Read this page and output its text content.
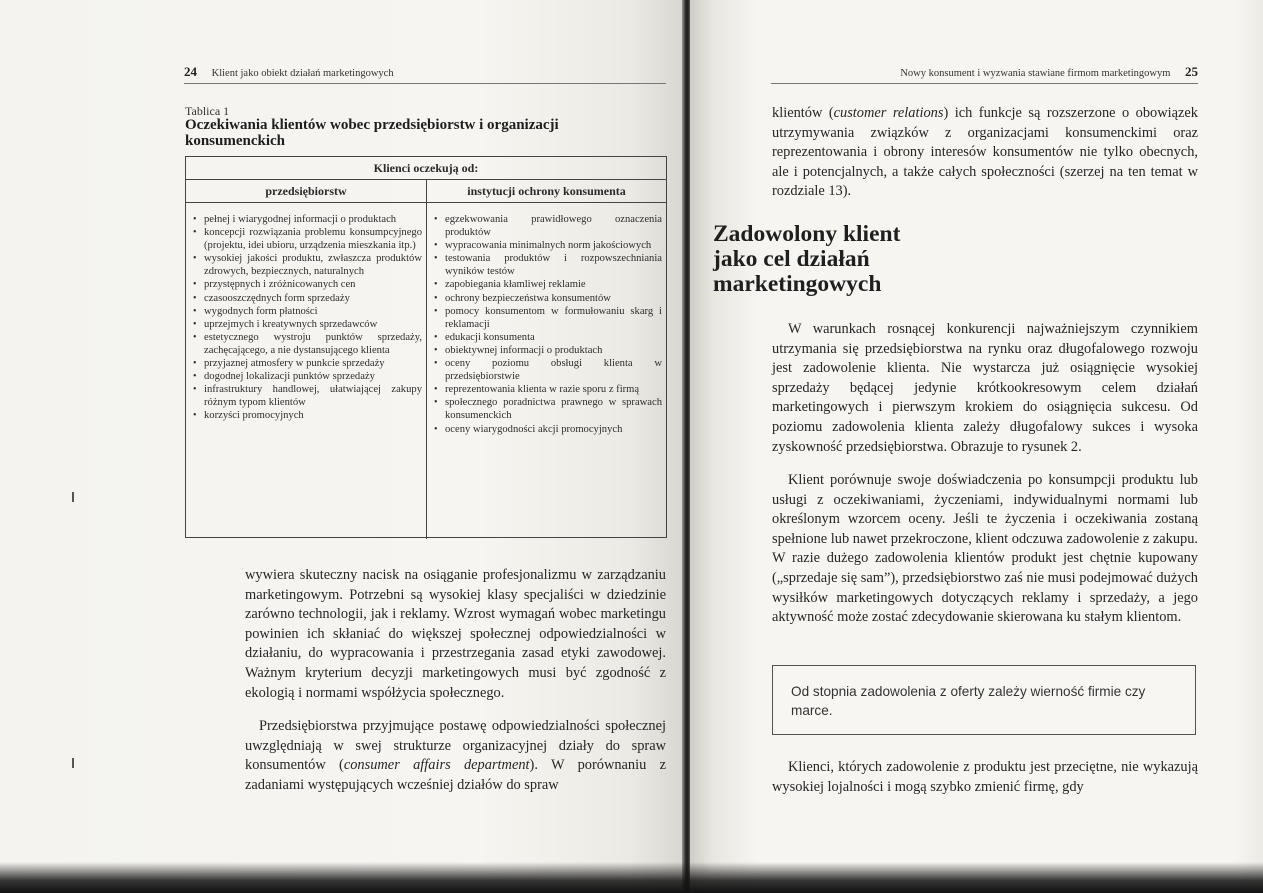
24 Klient jako obiekt działań marketingowych
Tablica 1
Oczekiwania klientów wobec przedsiębiorstw i organizacji konsumenckich
Klienci oczekują od:
przedsiębiorstw	instytucji ochrony konsumenta
• pełnej i wiarygodnej informacji o produktach
• koncepcji rozwiązania problemu konsumpcyjnego (projektu, idei ubioru, urządzenia mieszkania itp.)
• wysokiej jakości produktu, zwłaszcza produktów zdrowych, bezpiecznych, naturalnych
• przystępnych i zróżnicowanych cen
• czasooszczędnych form sprzedaży
• wygodnych form płatności
• uprzejmych i kreatywnych sprzedawców
• estetycznego wystroju punktów sprzedaży, zachęcającego, a nie dystansującego klienta
• przyjaznej atmosfery w punkcie sprzedaży
• dogodnej lokalizacji punktów sprzedaży
• infrastruktury handlowej, ułatwiającej zakupy różnym typom klientów
• korzyści promocyjnych
• egzekwowania prawidłowego oznaczenia produktów
• wypracowania minimalnych norm jakościowych
• testowania produktów i rozpowszechniania wyników testów
• zapobiegania kłamliwej reklamie
• ochrony bezpieczeństwa konsumentów
• pomocy konsumentom w formułowaniu skarg i reklamacji
• edukacji konsumenta
• obiektywnej informacji o produktach
• oceny poziomu obsługi klienta w przedsiębiorstwie
• reprezentowania klienta w razie sporu z firmą
• społecznego poradnictwa prawnego w sprawach konsumenckich
• oceny wiarygodności akcji promocyjnych
wywiera skuteczny nacisk na osiąganie profesjonalizmu w zarządzaniu marketingowym. Potrzebni są wysokiej klasy specjaliści w dziedzinie zarówno technologii, jak i reklamy. Wzrost wymagań wobec marketingu powinien ich skłaniać do większej społecznej odpowiedzialności w działaniu, do wypracowania i przestrzegania zasad etyki zawodowej. Ważnym kryterium decyzji marketingowych musi być zgodność z ekologią i normami współżycia społecznego.
Przedsiębiorstwa przyjmujące postawę odpowiedzialności społecznej uwzględniają w swej strukturze organizacyjnej działy do spraw konsumentów (consumer affairs department). W porównaniu z zadaniami występujących wcześniej działów do spraw
Nowy konsument i wyzwania stawiane firmom marketingowym 25
klientów (customer relations) ich funkcje są rozszerzone o obowiązek utrzymywania związków z organizacjami konsumenckimi oraz reprezentowania i obrony interesów konsumentów nie tylko obecnych, ale i potencjalnych, a także całych społeczności (szerzej na ten temat w rozdziale 13).
Zadowolony klient
jako cel działań
marketingowych
W warunkach rosnącej konkurencji najważniejszym czynnikiem utrzymania się przedsiębiorstwa na rynku oraz długofalowego rozwoju jest zadowolenie klienta. Nie wystarcza już osiągnięcie wysokiej sprzedaży będącej jedynie krótkookresowym celem działań marketingowych i pierwszym krokiem do osiągnięcia sukcesu. Od poziomu zadowolenia klienta zależy długofalowy sukces i wysoka zyskowność przedsiębiorstwa. Obrazuje to rysunek 2.
Klient porównuje swoje doświadczenia po konsumpcji produktu lub usługi z oczekiwaniami, życzeniami, indywidualnymi normami lub określonym wzorcem oceny. Jeśli te życzenia i oczekiwania zostaną spełnione lub nawet przekroczone, klient odczuwa zadowolenie z zakupu. W razie dużego zadowolenia klientów produkt jest chętnie kupowany („sprzedaje się sam”), przedsiębiorstwo zaś nie musi podejmować dużych wysiłków marketingowych dotyczących reklamy i sprzedaży, a jego aktywność może zostać zdecydowanie skierowana ku stałym klientom.
Od stopnia zadowolenia z oferty zależy wierność firmie czy marce.
Klienci, których zadowolenie z produktu jest przeciętne, nie wykazują wysokiej lojalności i mogą szybko zmienić firmę, gdy
